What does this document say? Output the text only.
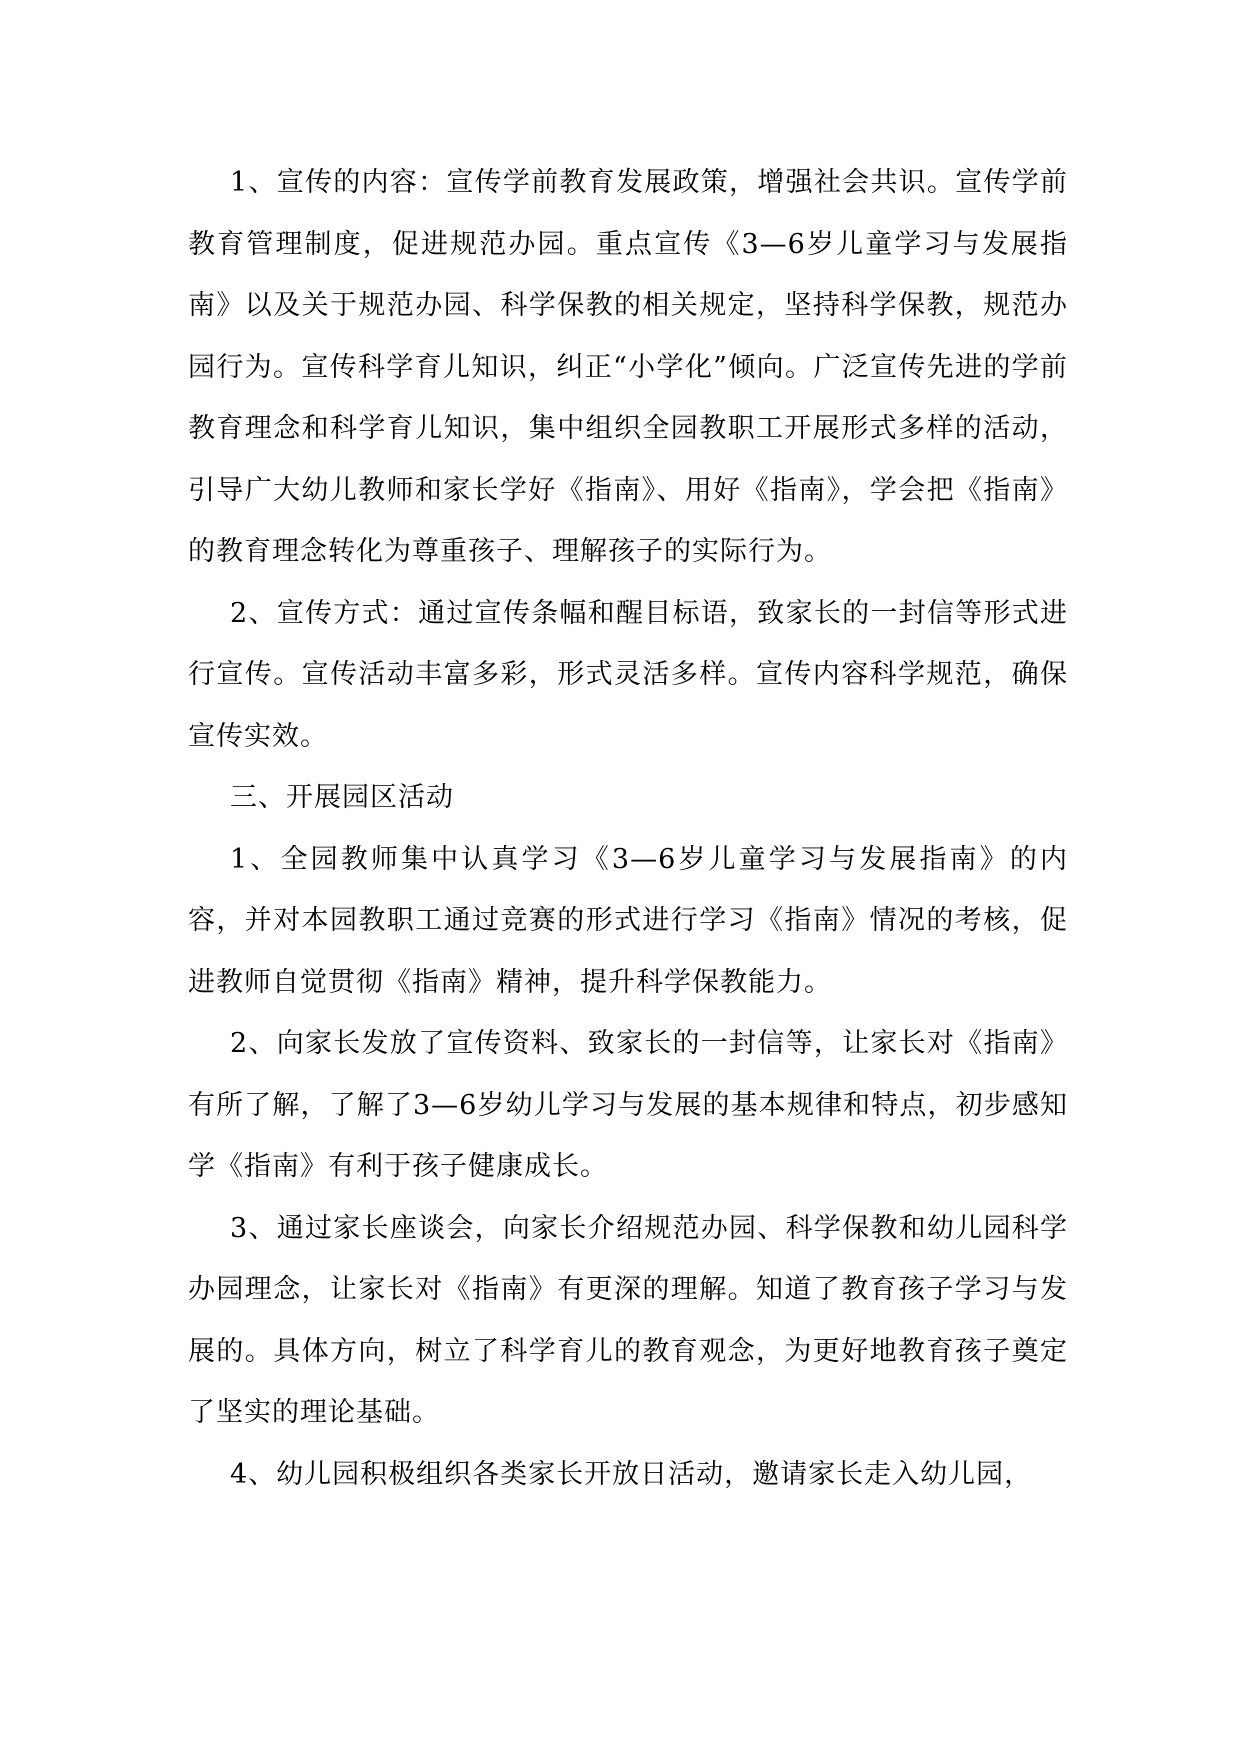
1、宣传的内容：宣传学前教育发展政策，增强社会共识。宣传学前教育管理制度，促进规范办园。重点宣传《3—6岁儿童学习与发展指南》以及关于规范办园、科学保教的相关规定，坚持科学保教，规范办园行为。宣传科学育儿知识，纠正“小学化”倾向。广泛宣传先进的学前教育理念和科学育儿知识，集中组织全园教职工开展形式多样的活动，引导广大幼儿教师和家长学好《指南》、用好《指南》，学会把《指南》的教育理念转化为尊重孩子、理解孩子的实际行为。

2、宣传方式：通过宣传条幅和醒目标语，致家长的一封信等形式进行宣传。宣传活动丰富多彩，形式灵活多样。宣传内容科学规范，确保宣传实效。

三、开展园区活动

1、全园教师集中认真学习《3—6岁儿童学习与发展指南》的内容，并对本园教职工通过竞赛的形式进行学习《指南》情况的考核，促进教师自觉贯彻《指南》精神，提升科学保教能力。

2、向家长发放了宣传资料、致家长的一封信等，让家长对《指南》有所了解，了解了3—6岁幼儿学习与发展的基本规律和特点，初步感知学《指南》有利于孩子健康成长。

3、通过家长座谈会，向家长介绍规范办园、科学保教和幼儿园科学办园理念，让家长对《指南》有更深的理解。知道了教育孩子学习与发展的。具体方向，树立了科学育儿的教育观念，为更好地教育孩子奠定了坚实的理论基础。

4、幼儿园积极组织各类家长开放日活动，邀请家长走入幼儿园，
